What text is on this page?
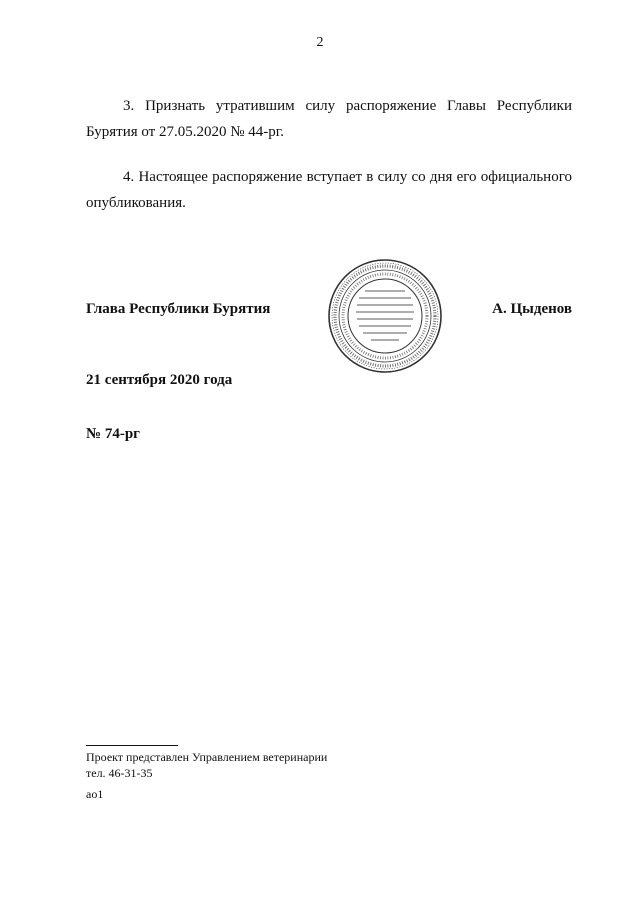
2
3. Признать утратившим силу распоряжение Главы Республики
Бурятия от 27.05.2020 № 44-рг.
4. Настоящее распоряжение вступает в силу со дня его официального
опубликования.
Глава Республики Бурятия	А. Цыденов
21 сентября 2020 года
№ 74-рг
Проект представлен Управлением ветеринарии
тел. 46-31-35
ao1
